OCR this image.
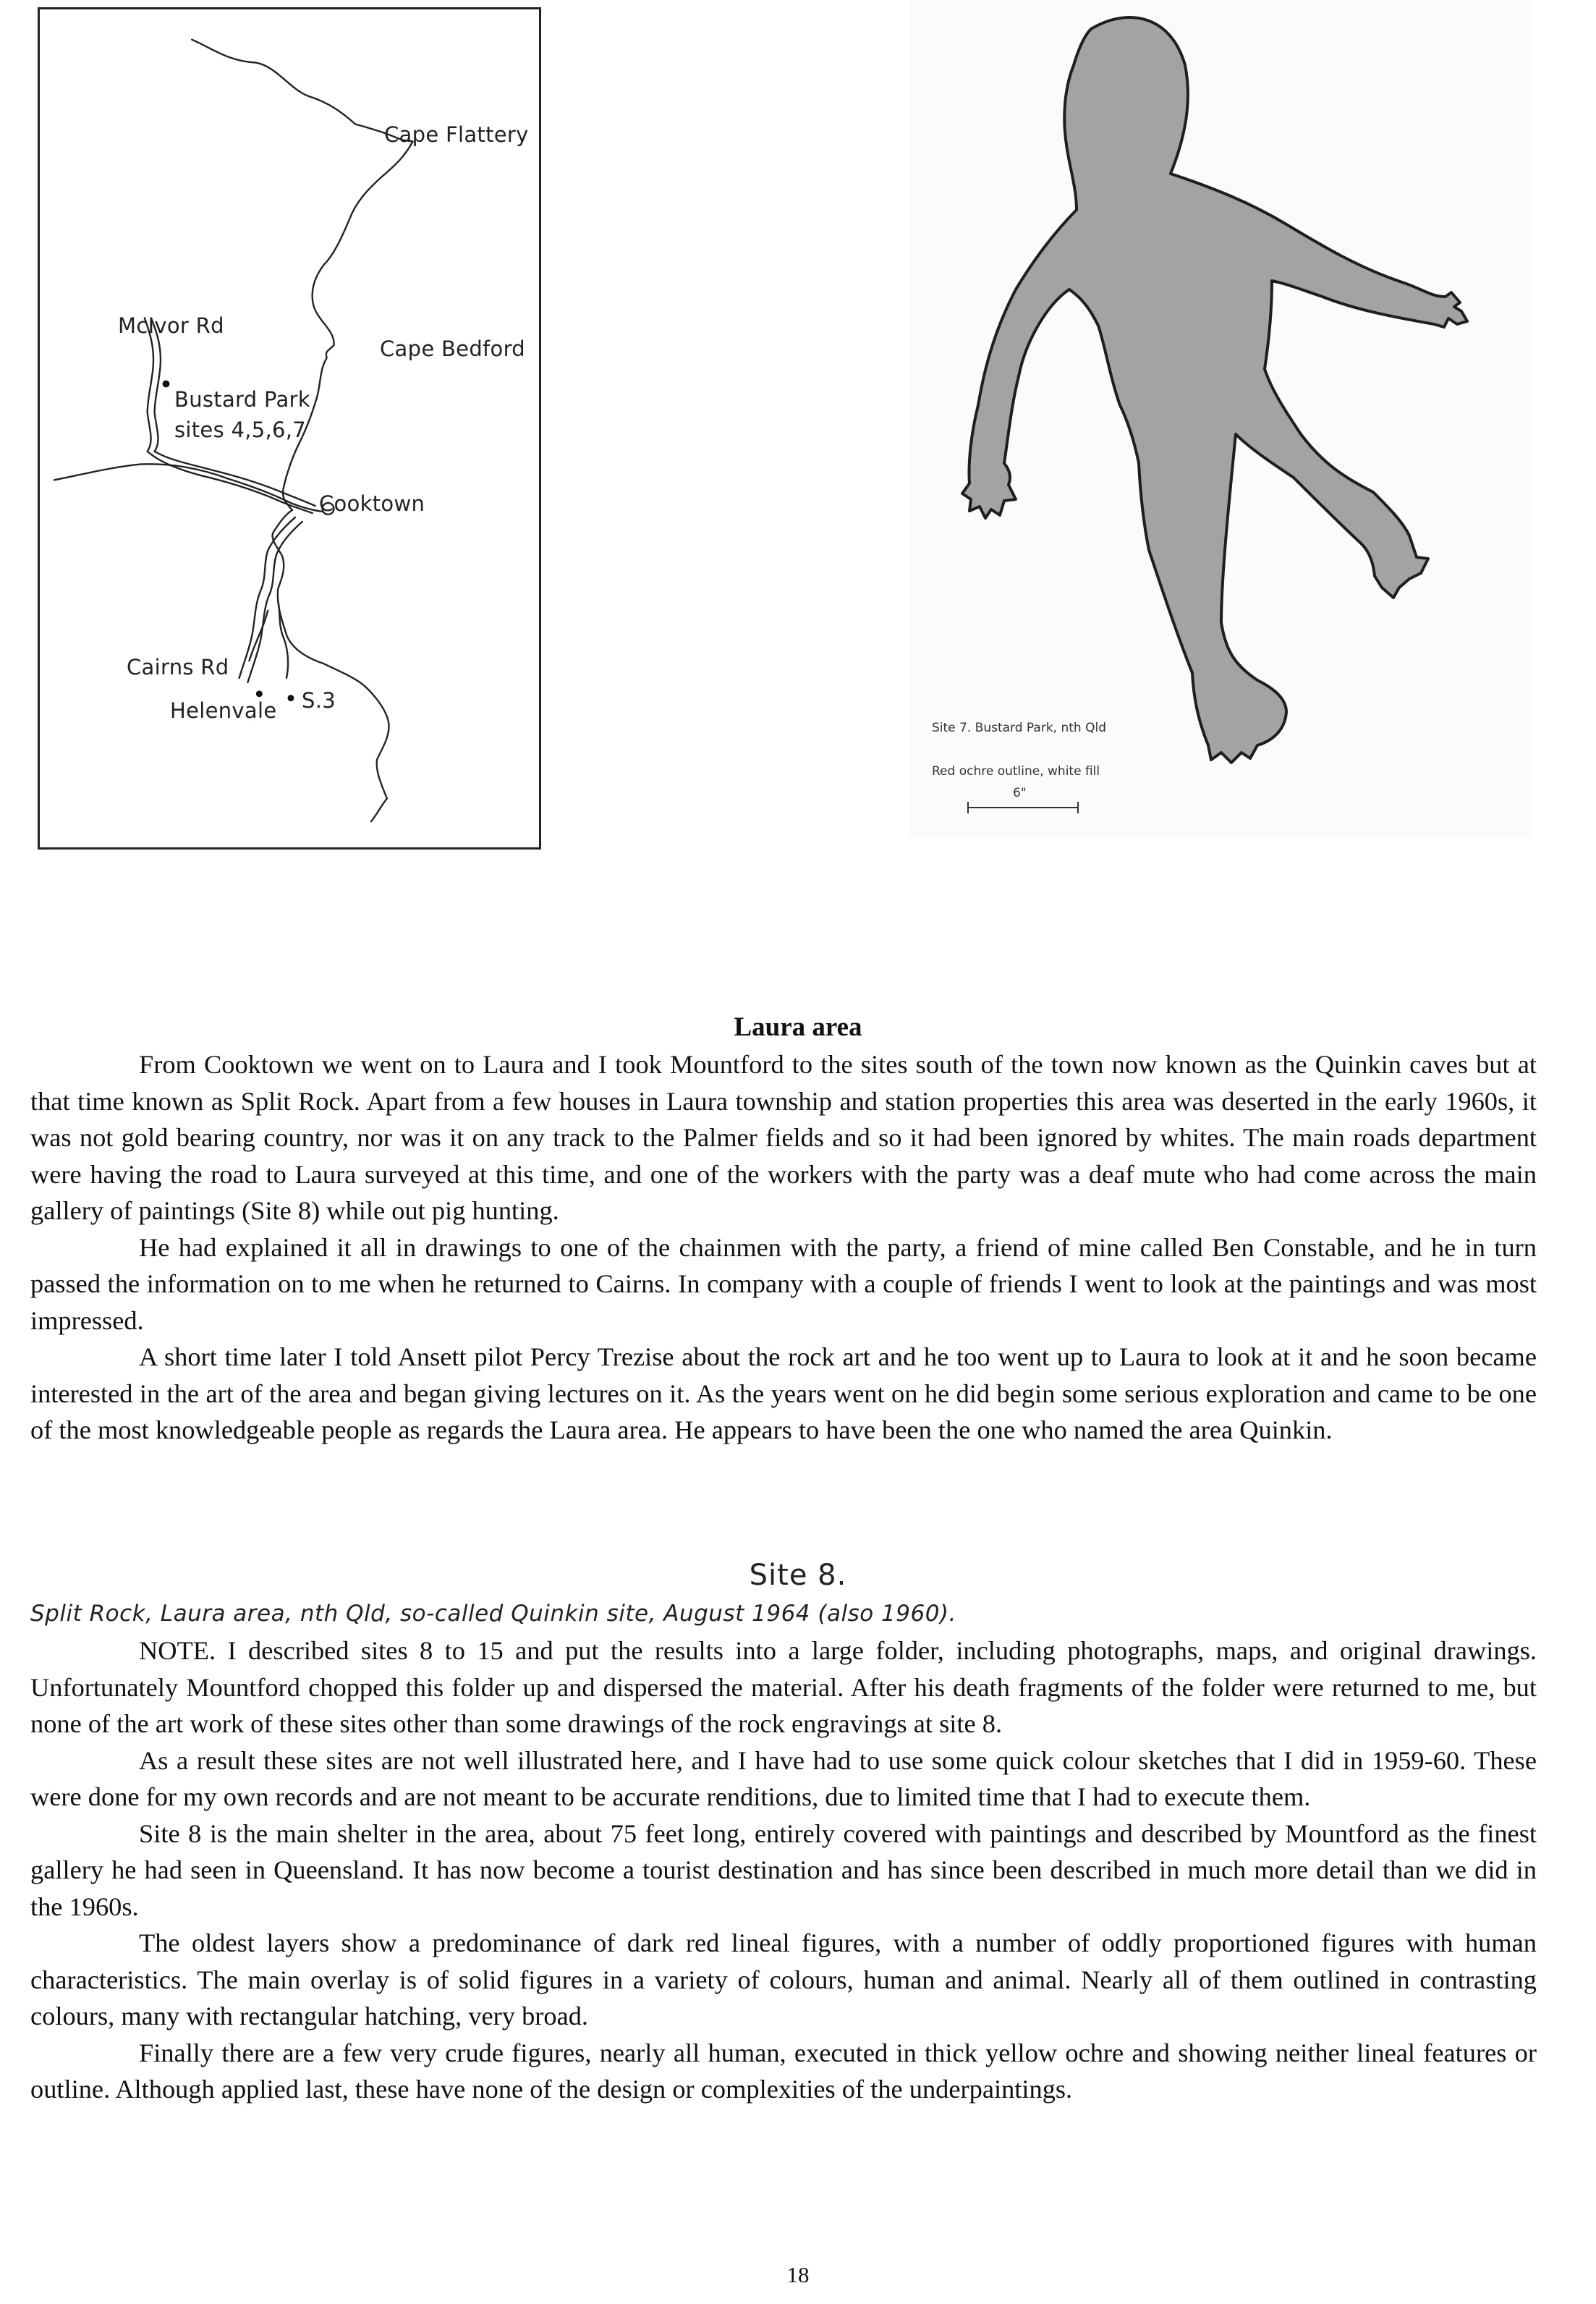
Cape Flattery
McIvor Rd
Cape Bedford
Bustard Park
sites 4,5,6,7
Cooktown
Cairns Rd
Helenvale S.3
Site 7. Bustard Park, nth Qld
Red ochre outline, white fill
6"
Laura area

From Cooktown we went on to Laura and I took Mountford to the sites south of the town now known as the Quinkin caves but at that time known as Split Rock. Apart from a few houses in Laura township and station properties this area was deserted in the early 1960s, it was not gold bearing country, nor was it on any track to the Palmer fields and so it had been ignored by whites. The main roads department were having the road to Laura surveyed at this time, and one of the workers with the party was a deaf mute who had come across the main gallery of paintings (Site 8) while out pig hunting.

He had explained it all in drawings to one of the chainmen with the party, a friend of mine called Ben Constable, and he in turn passed the information on to me when he returned to Cairns. In company with a couple of friends I went to look at the paintings and was most impressed.

A short time later I told Ansett pilot Percy Trezise about the rock art and he too went up to Laura to look at it and he soon became interested in the art of the area and began giving lectures on it. As the years went on he did begin some serious exploration and came to be one of the most knowledgeable people as regards the Laura area. He appears to have been the one who named the area Quinkin.

Site 8.
Split Rock, Laura area, nth Qld, so-called Quinkin site, August 1964 (also 1960).

NOTE. I described sites 8 to 15 and put the results into a large folder, including photographs, maps, and original drawings. Unfortunately Mountford chopped this folder up and dispersed the material. After his death fragments of the folder were returned to me, but none of the art work of these sites other than some drawings of the rock engravings at site 8.

As a result these sites are not well illustrated here, and I have had to use some quick colour sketches that I did in 1959-60. These were done for my own records and are not meant to be accurate renditions, due to limited time that I had to execute them.

Site 8 is the main shelter in the area, about 75 feet long, entirely covered with paintings and described by Mountford as the finest gallery he had seen in Queensland. It has now become a tourist destination and has since been described in much more detail than we did in the 1960s.

The oldest layers show a predominance of dark red lineal figures, with a number of oddly proportioned figures with human characteristics. The main overlay is of solid figures in a variety of colours, human and animal. Nearly all of them outlined in contrasting colours, many with rectangular hatching, very broad.

Finally there are a few very crude figures, nearly all human, executed in thick yellow ochre and showing neither lineal features or outline. Although applied last, these have none of the design or complexities of the underpaintings.

18
